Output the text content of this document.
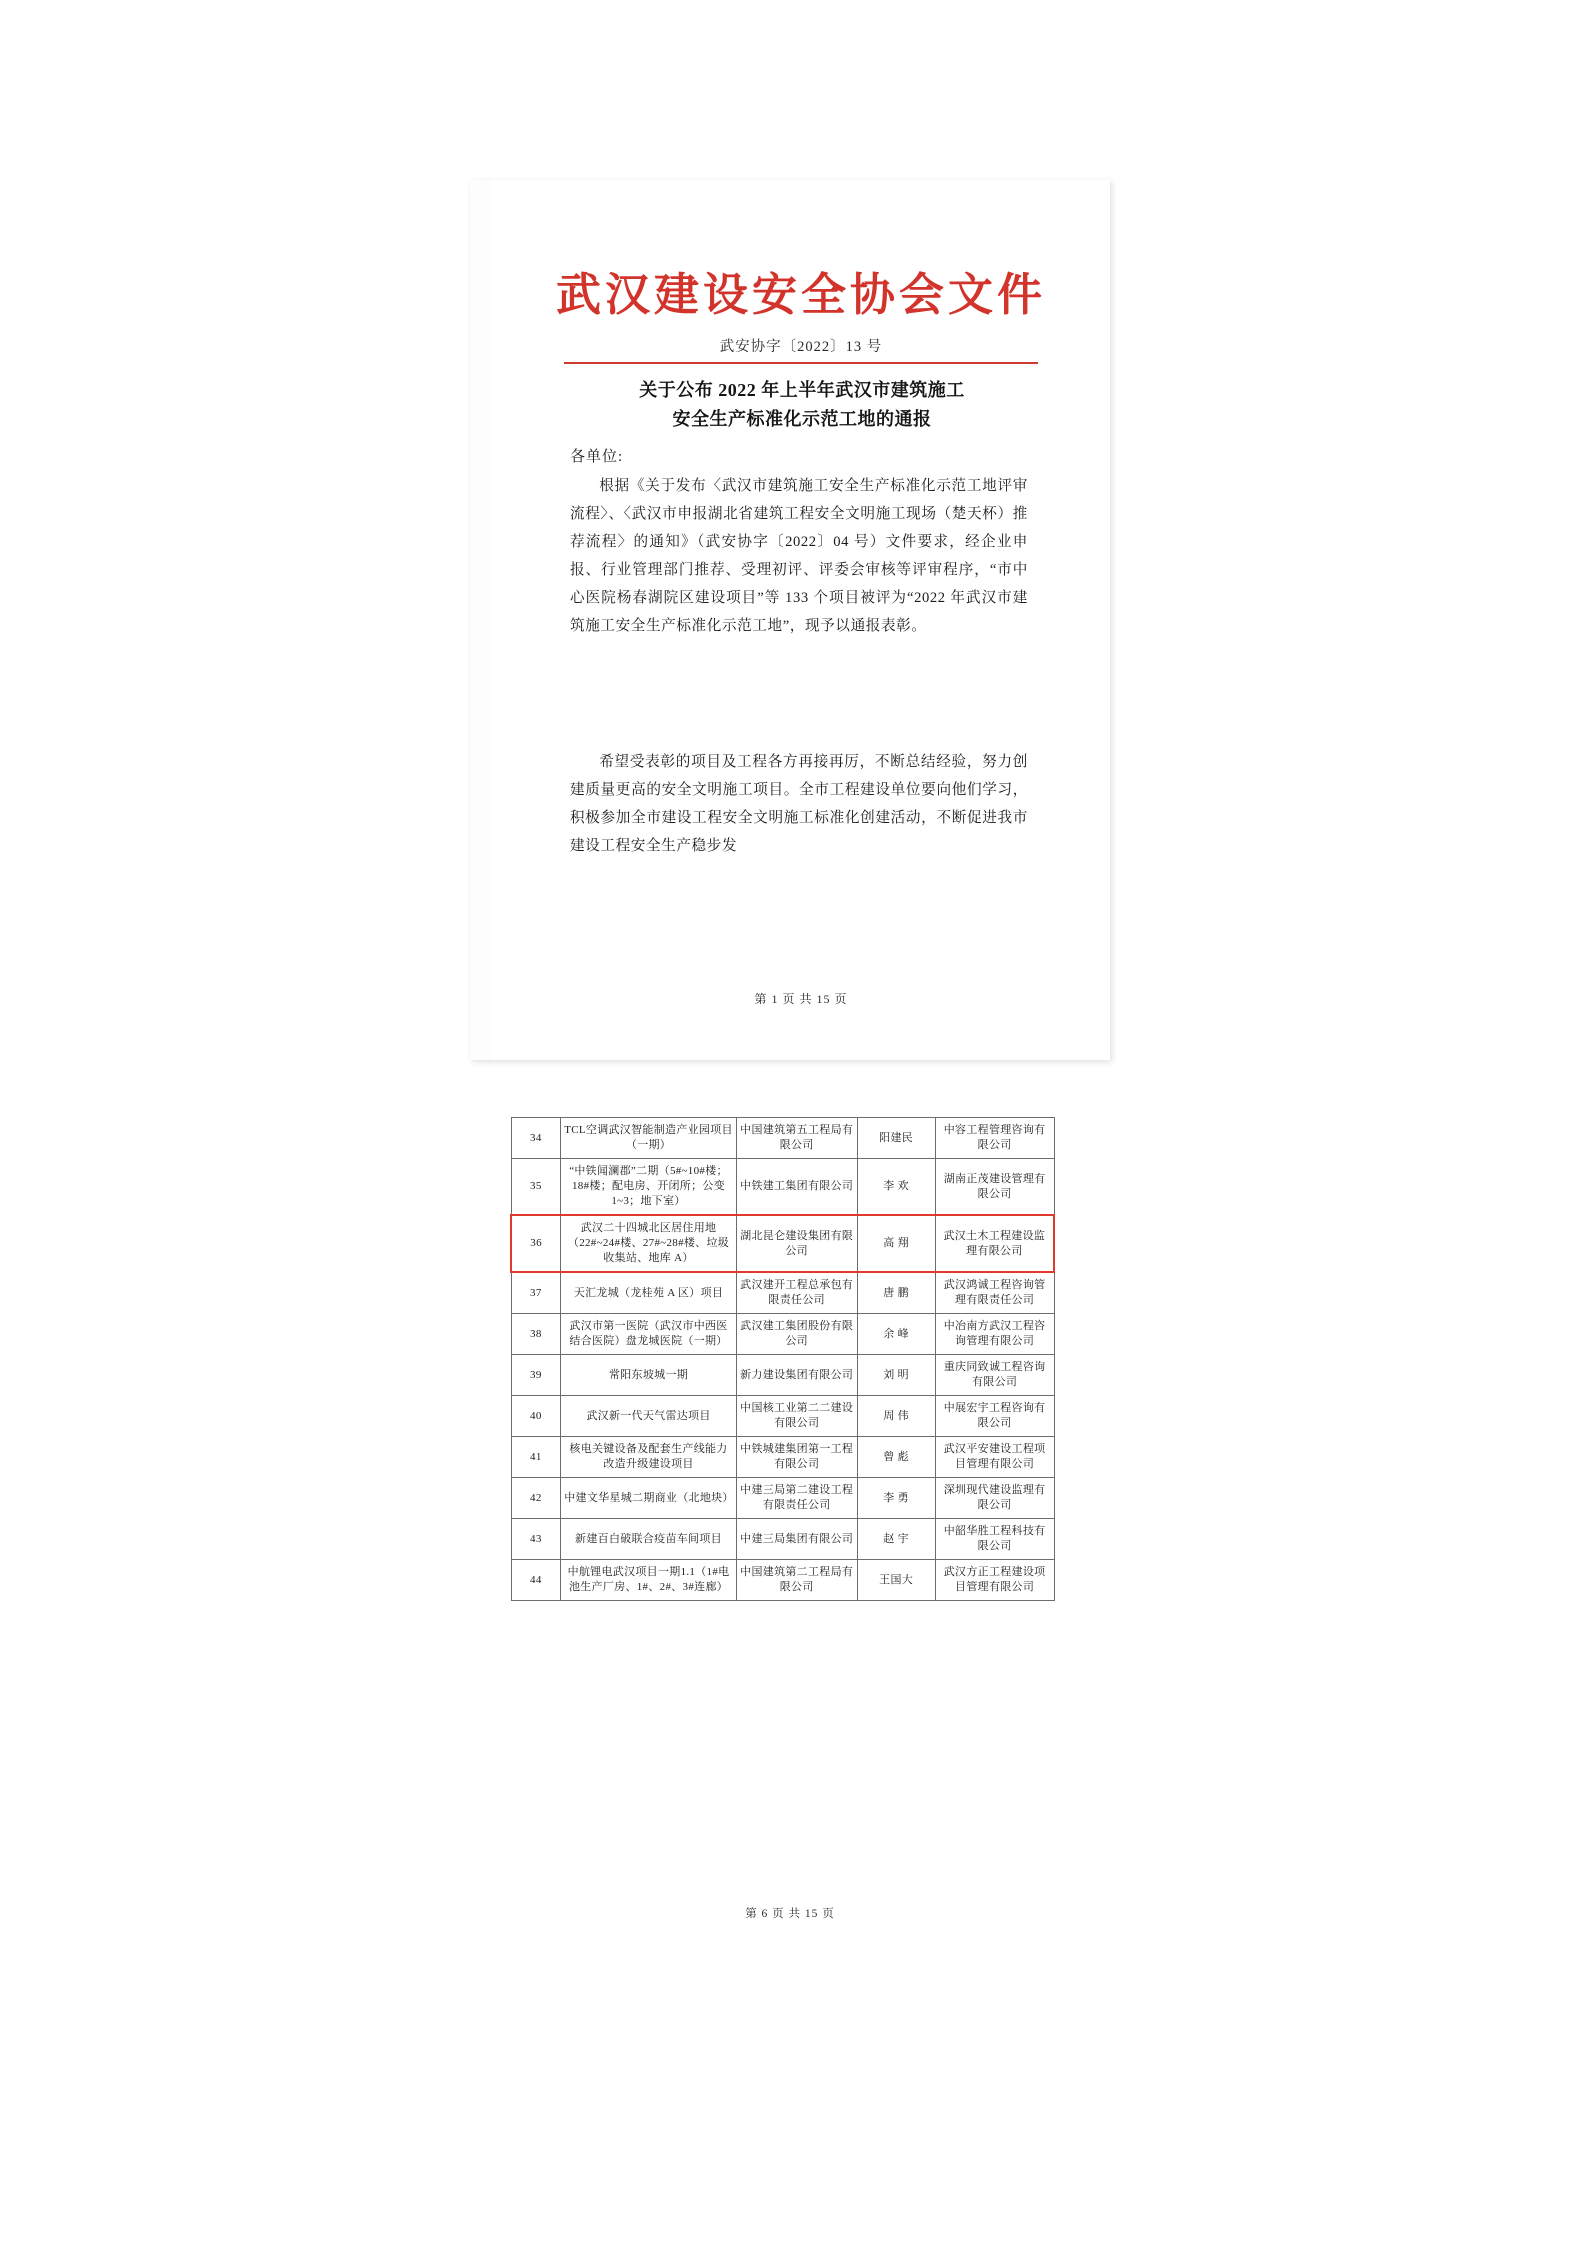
武汉建设安全协会文件
武安协字〔2022〕13 号
关于公布 2022 年上半年武汉市建筑施工
安全生产标准化示范工地的通报
各单位:
根据《关于发布〈武汉市建筑施工安全生产标准化示范工地评审流程〉、〈武汉市申报湖北省建筑工程安全文明施工现场（楚天杯）推荐流程〉的通知》（武安协字〔2022〕04 号）文件要求，经企业申报、行业管理部门推荐、受理初评、评委会审核等评审程序，“市中心医院杨春湖院区建设项目”等 133 个项目被评为“2022 年武汉市建筑施工安全生产标准化示范工地”，现予以通报表彰。
希望受表彰的项目及工程各方再接再厉，不断总结经验，努力创建质量更高的安全文明施工项目。全市工程建设单位要向他们学习，积极参加全市建设工程安全文明施工标准化创建活动，不断促进我市建设工程安全生产稳步发
第 1 页 共 15 页
34	TCL空调武汉智能制造产业园项目（一期）	中国建筑第五工程局有限公司	阳建民	中容工程管理咨询有限公司
35	“中铁闻澜郡”二期（5#~10#楼；18#楼；配电房、开闭所；公变 1~3；地下室）	中铁建工集团有限公司	李 欢	湖南正茂建设管理有限公司
36	武汉二十四城北区居住用地（22#~24#楼、27#~28#楼、垃圾收集站、地库 A）	湖北昆仑建设集团有限公司	高 翔	武汉土木工程建设监理有限公司
37	天汇龙城（龙桂苑 A 区）项目	武汉建开工程总承包有限责任公司	唐 鹏	武汉鸿诚工程咨询管理有限责任公司
38	武汉市第一医院（武汉市中西医结合医院）盘龙城医院（一期）	武汉建工集团股份有限公司	余 峰	中冶南方武汉工程咨询管理有限公司
39	常阳东坡城一期	新力建设集团有限公司	刘 明	重庆同致诚工程咨询有限公司
40	武汉新一代天气雷达项目	中国核工业第二二建设有限公司	周 伟	中展宏宇工程咨询有限公司
41	核电关键设备及配套生产线能力改造升级建设项目	中铁城建集团第一工程有限公司	曾 彪	武汉平安建设工程项目管理有限公司
42	中建文华星城二期商业（北地块）	中建三局第二建设工程有限责任公司	李 勇	深圳现代建设监理有限公司
43	新建百白破联合疫苗车间项目	中建三局集团有限公司	赵 宇	中韶华胜工程科技有限公司
44	中航锂电武汉项目一期1.1（1#电池生产厂房、1#、2#、3#连廊）	中国建筑第二工程局有限公司	王国大	武汉方正工程建设项目管理有限公司
第 6 页 共 15 页
